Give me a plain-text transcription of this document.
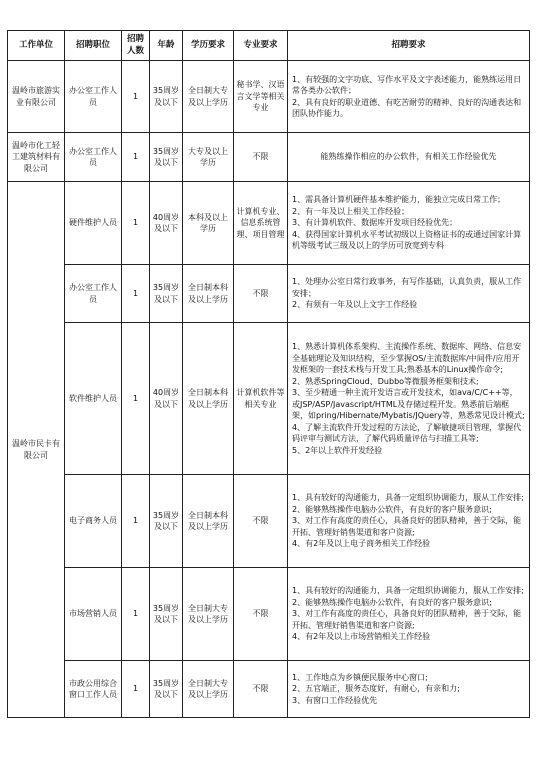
工作单位	招聘职位	招聘人数	年龄	学历要求	专业要求	招聘要求
温岭市旅游实业有限公司	办公室工作人员	1	35周岁及以下	全日制大专及以上学历	秘书学、汉语言文学等相关专业	1、有较强的文字功底、写作水平及文字表述能力，能熟练运用日常各类办公软件；
2、具有良好的职业道德、有吃苦耐劳的精神、良好的沟通表达和团队协作能力。

温岭市化工轻工建筑材料有限公司	办公室工作人员	1	35周岁及以下	大专及以上学历	不限	能熟练操作相应的办公软件，有相关工作经验优先

温岭市民卡有限公司	硬件维护人员	1	40周岁及以下	本科及以上学历	计算机专业、信息系统管理、项目管理	1、需具备计算机硬件基本维护能力，能独立完成日常工作；
2、有一年及以上相关工作经验；
3、有计算机软件、数据库开发项目经验优先；
4、获得国家计算机水平考试初级以上资格证书的或通过国家计算机等级考试三级及以上的学历可放宽到专科

	办公室工作人员	1	35周岁及以下	全日制本科及以上学历	不限	1、处理办公室日常行政事务，有写作基础，认真负责，服从工作安排；
2、有须有一年及以上文字工作经验

	软件维护人员	1	40周岁及以下	全日制本科及以上学历	计算机软件等相关专业	1、熟悉计算机体系架构、主流操作系统、数据库、网络、信息安全基础理论及知识结构，至少掌握OS/主流数据库/中间件/应用开发框架的一套技术栈与开发工具;熟悉基本的Linux操作命令;
2、熟悉SpringCloud、Dubbo等微服务框架和技术;
3、至少精通一种主流开发语言或开发技术，如ava/C/C++等，或JSP/ASP/Javascript/HTML及存储过程开发。熟悉前后端框架，如pring/Hibernate/Mybatis/JQuery等，熟悉常见设计模式;
4、了解主流软件开发过程的方法论，了解敏捷项目管理，掌握代码评审与测试方法，了解代码质量评估与扫描工具等;
5、2年以上软件开发经验

	电子商务人员	1	35周岁及以下	全日制本科及以上学历	不限	1、具有较好的沟通能力，具备一定组织协调能力，服从工作安排;
2、能够熟练操作电脑办公软件，有良好的客户服务意识;
3、对工作有高度的责任心，具备良好的团队精神，善于交际，能开拓、管理好销售渠道和客户资源;
4、有2年及以上电子商务相关工作经验

	市场营销人员	1	35周岁及以下	全日制大专及以上学历	不限	1、具有较好的沟通能力，具备一定组织协调能力，服从工作安排;
2、能够熟练操作电脑办公软件，有良好的客户服务意识;
3、对工作有高度的责任心，具备良好的团队精神，善于交际，能开拓、管理好销售渠道和客户资源;
4、有2年及以上市场营销相关工作经验

	市政公用综合窗口工作人员	1	35周岁及以下	全日制大专及以上学历	不限	1、工作地点为乡镇便民服务中心窗口;
2、五官端正，服务态度好，有耐心，有亲和力;
3、有窗口工作经验优先
